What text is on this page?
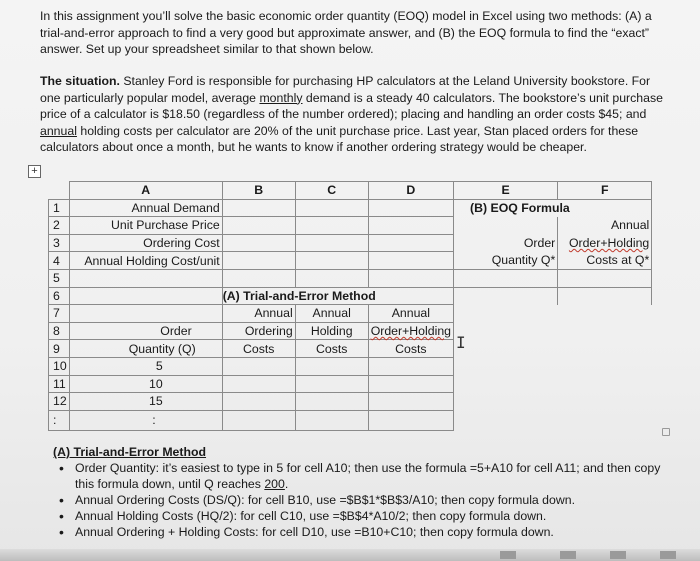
In this assignment you’ll solve the basic economic order quantity (EOQ) model in Excel using two methods: (A) a trial-and-error approach to find a very good but approximate answer, and (B) the EOQ formula to find the “exact” answer. Set up your spreadsheet similar to that shown below.

The situation. Stanley Ford is responsible for purchasing HP calculators at the Leland University bookstore. For one particularly popular model, average monthly demand is a steady 40 calculators. The bookstore’s unit purchase price of a calculator is $18.50 (regardless of the number ordered); placing and handling an order costs $45; and annual holding costs per calculator are 20% of the unit purchase price. Last year, Stan placed orders for these calculators about once a month, but he wants to know if another ordering strategy would be cheaper.

+
	A	B	C	D	E	F
1	Annual Demand				(B) EOQ Formula	
2	Unit Purchase Price					Annual
3	Ordering Cost				Order	Order+Holding
4	Annual Holding Cost/unit				Quantity Q*	Costs at Q*
5						
6		(A) Trial-and-Error Method				
7		Annual	Annual	Annual		
8	Order	Ordering	Holding	Order+Holding		
9	Quantity (Q)	Costs	Costs	Costs		
10	5					
11	10					
12	15					
:	:					
I

(A) Trial-and-Error Method

• Order Quantity: it’s easiest to type in 5 for cell A10; then use the formula =5+A10 for cell A11; and then copy this formula down, until Q reaches 200.
• Annual Ordering Costs (DS/Q): for cell B10, use =$B$1*$B$3/A10; then copy formula down.
• Annual Holding Costs (HQ/2): for cell C10, use =$B$4*A10/2; then copy formula down.
• Annual Ordering + Holding Costs: for cell D10, use =B10+C10; then copy formula down.
